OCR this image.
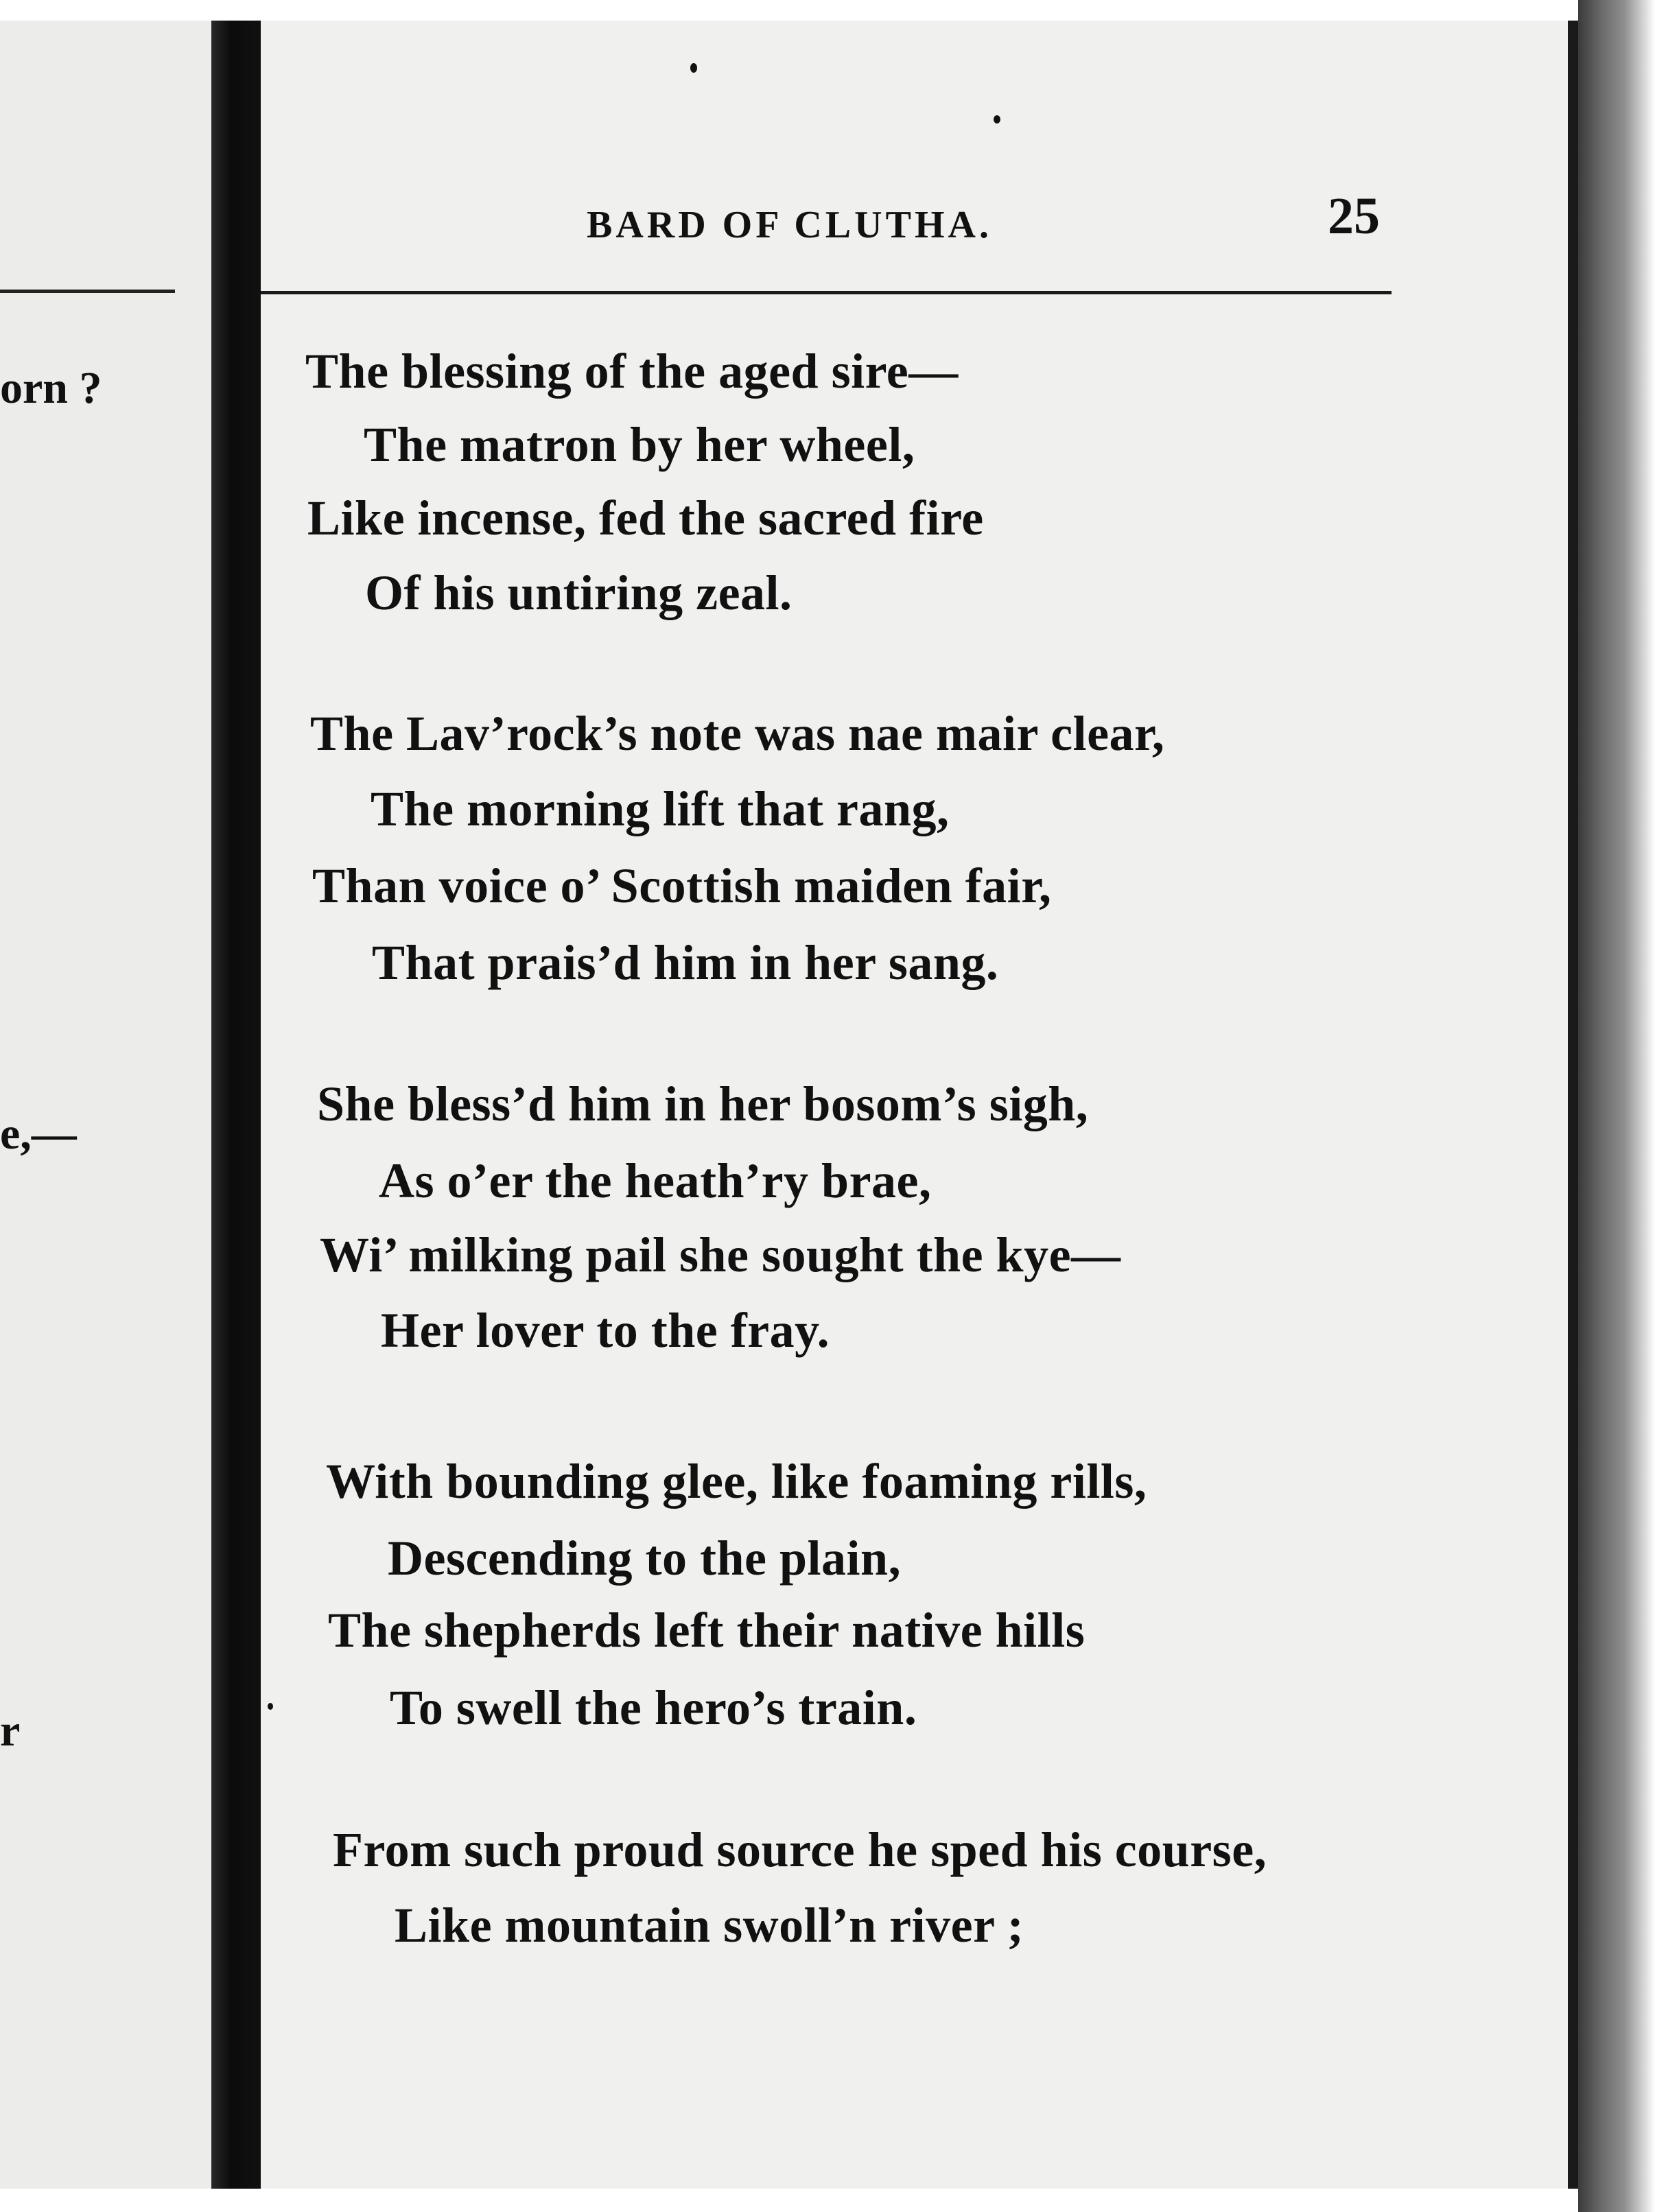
orn ?
e,—
r
BARD OF CLUTHA.	25
The blessing of the aged sire—
The matron by her wheel,
Like incense, fed the sacred fire
Of his untiring zeal.
The Lav’rock’s note was nae mair clear,
The morning lift that rang,
Than voice o’ Scottish maiden fair,
That prais’d him in her sang.
She bless’d him in her bosom’s sigh,
As o’er the heath’ry brae,
Wi’ milking pail she sought the kye—
Her lover to the fray.
With bounding glee, like foaming rills,
Descending to the plain,
The shepherds left their native hills
To swell the hero’s train.
From such proud source he sped his course,
Like mountain swoll’n river ;
